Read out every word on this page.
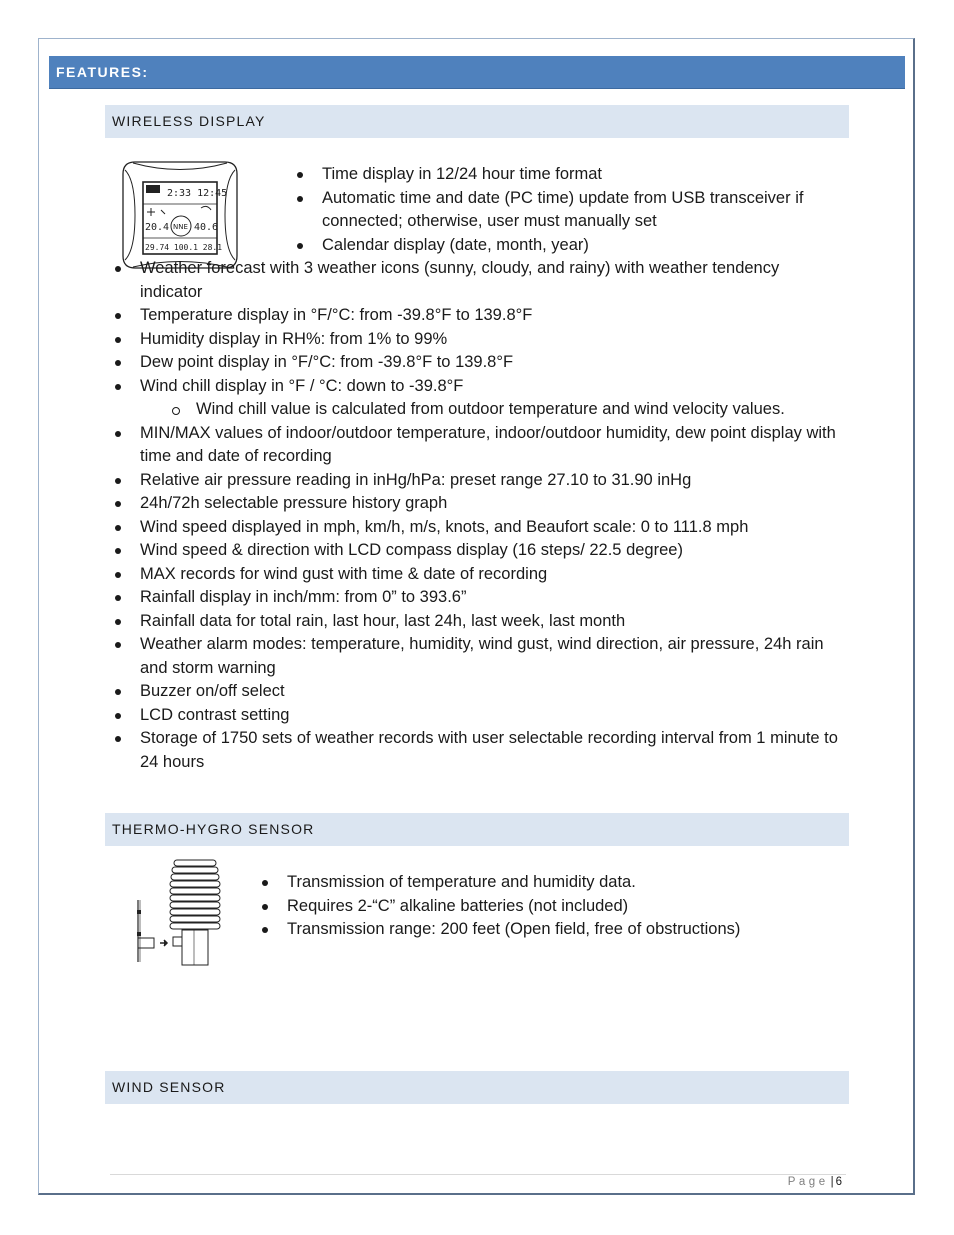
FEATURES:
WIRELESS DISPLAY
2:33 12:45
20.4 NNE 40.6
29.74 100.1 28.1
Time display in 12/24 hour time format
Automatic time and date (PC time) update from USB transceiver if connected; otherwise, user must manually set
Calendar display (date, month, year)
Weather forecast with 3 weather icons (sunny, cloudy, and rainy) with weather tendency indicator
Temperature display in °F/°C: from -39.8°F to 139.8°F
Humidity display in RH%: from 1% to 99%
Dew point display in °F/°C: from -39.8°F to 139.8°F
Wind chill display in °F / °C: down to -39.8°F
Wind chill value is calculated from outdoor temperature and wind velocity values.
MIN/MAX values of indoor/outdoor temperature, indoor/outdoor humidity, dew point display with time and date of recording
Relative air pressure reading in inHg/hPa: preset range 27.10 to 31.90 inHg
24h/72h selectable pressure history graph
Wind speed displayed in mph, km/h, m/s, knots, and Beaufort scale: 0 to 111.8 mph
Wind speed & direction with LCD compass display (16 steps/ 22.5 degree)
MAX records for wind gust with time & date of recording
Rainfall display in inch/mm: from 0” to 393.6”
Rainfall data for total rain, last hour, last 24h, last week, last month
Weather alarm modes: temperature, humidity, wind gust, wind direction, air pressure, 24h rain and storm warning
Buzzer on/off select
LCD contrast setting
Storage of 1750 sets of weather records with user selectable recording interval from 1 minute to 24 hours
THERMO-HYGRO SENSOR
Transmission of temperature and humidity data.
Requires 2-“C” alkaline batteries (not included)
Transmission range: 200 feet (Open field, free of obstructions)
WIND SENSOR
Page | 6
